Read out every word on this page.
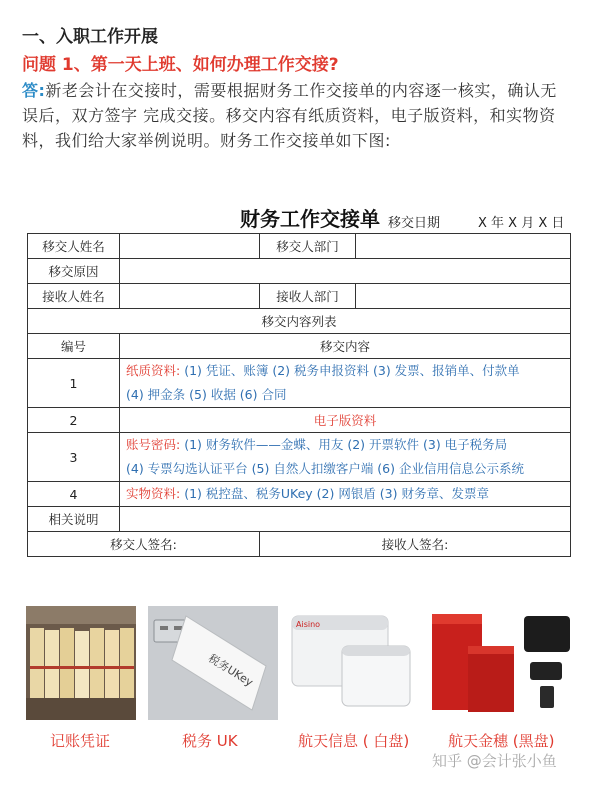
一、入职工作开展
问题 1、第一天上班、如何办理工作交接?
答:新老会计在交接时，需要根据财务工作交接单的内容逐一核实，确认无误后，双方签字 完成交接。移交内容有纸质资料，电子版资料，和实物资料，我们给大家举例说明。财务工作交接单如下图:
财务工作交接单 移交日期	X 年 X 月 X 日
移交人姓名		移交人部门	
移交原因			
接收人姓名		接收人部门	
移交内容列表			
编号	移交内容		
1	纸质资料: (1) 凭证、账簿 (2) 税务申报资料 (3) 发票、报销单、付款单
(4) 押金条 (5) 收据 (6) 合同		
2	电子版资料		
3	账号密码: (1) 财务软件——金蝶、用友 (2) 开票软件 (3) 电子税务局
(4) 专票勾选认证平台 (5) 自然人扣缴客户端 (6) 企业信用信息公示系统		
4	实物资料: (1) 税控盘、税务UKey (2) 网银盾 (3) 财务章、发票章		
相关说明			
移交人签名:		接收人签名:	
记账凭证
税务UKey
税务 UK
Aisino
航天信息 ( 白盘)	航天金穗 (黑盘)
知乎 @会计张小鱼
